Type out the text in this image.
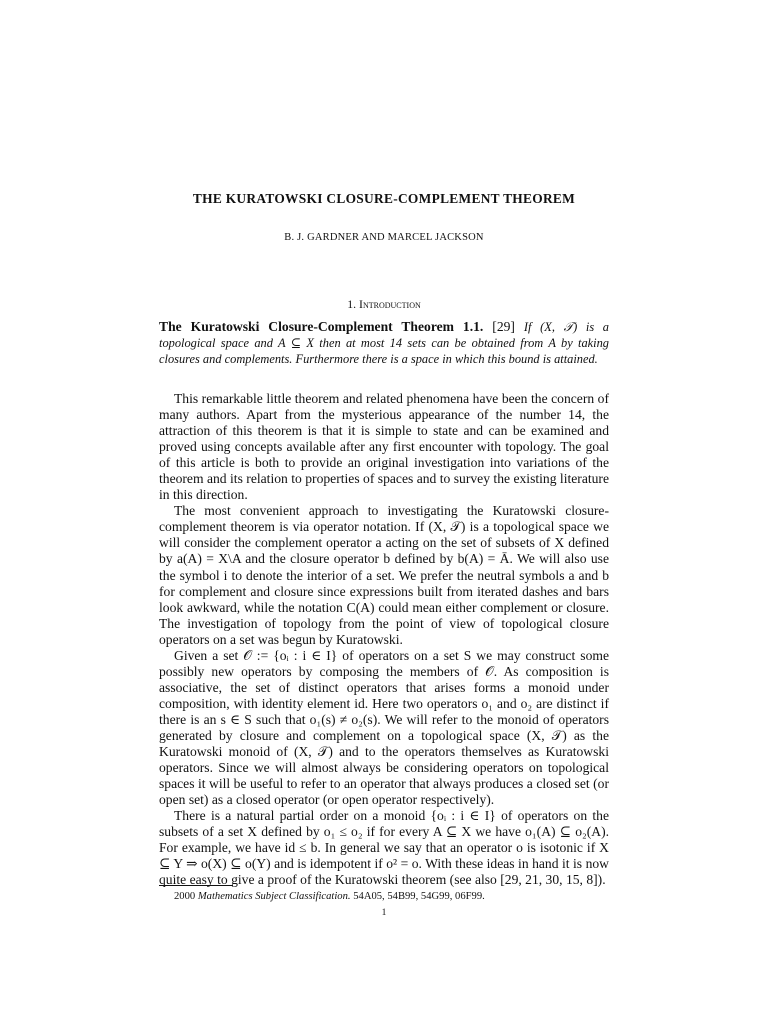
THE KURATOWSKI CLOSURE-COMPLEMENT THEOREM
B. J. GARDNER AND MARCEL JACKSON
1. Introduction

The Kuratowski Closure-Complement Theorem 1.1. [29] If (X, 𝒯) is a topological space and A ⊆ X then at most 14 sets can be obtained from A by taking closures and complements. Furthermore there is a space in which this bound is attained.

This remarkable little theorem and related phenomena have been the concern of many authors. Apart from the mysterious appearance of the number 14, the attraction of this theorem is that it is simple to state and can be examined and proved using concepts available after any first encounter with topology. The goal of this article is both to provide an original investigation into variations of the theorem and its relation to properties of spaces and to survey the existing literature in this direction.

The most convenient approach to investigating the Kuratowski closure-complement theorem is via operator notation. If (X, 𝒯) is a topological space we will consider the complement operator a acting on the set of subsets of X defined by a(A) = X\A and the closure operator b defined by b(A) = Ā. We will also use the symbol i to denote the interior of a set. We prefer the neutral symbols a and b for complement and closure since expressions built from iterated dashes and bars look awkward, while the notation C(A) could mean either complement or closure. The investigation of topology from the point of view of topological closure operators on a set was begun by Kuratowski.

Given a set 𝒪 := {oᵢ : i ∈ I} of operators on a set S we may construct some possibly new operators by composing the members of 𝒪. As composition is associative, the set of distinct operators that arises forms a monoid under composition, with identity element id. Here two operators o₁ and o₂ are distinct if there is an s ∈ S such that o₁(s) ≠ o₂(s). We will refer to the monoid of operators generated by closure and complement on a topological space (X, 𝒯) as the Kuratowski monoid of (X, 𝒯) and to the operators themselves as Kuratowski operators. Since we will almost always be considering operators on topological spaces it will be useful to refer to an operator that always produces a closed set (or open set) as a closed operator (or open operator respectively).

There is a natural partial order on a monoid {oᵢ : i ∈ I} of operators on the subsets of a set X defined by o₁ ≤ o₂ if for every A ⊆ X we have o₁(A) ⊆ o₂(A). For example, we have id ≤ b. In general we say that an operator o is isotonic if X ⊆ Y ⇒ o(X) ⊆ o(Y) and is idempotent if o² = o. With these ideas in hand it is now quite easy to give a proof of the Kuratowski theorem (see also [29, 21, 30, 15, 8]).

2000 Mathematics Subject Classification. 54A05, 54B99, 54G99, 06F99.
1
